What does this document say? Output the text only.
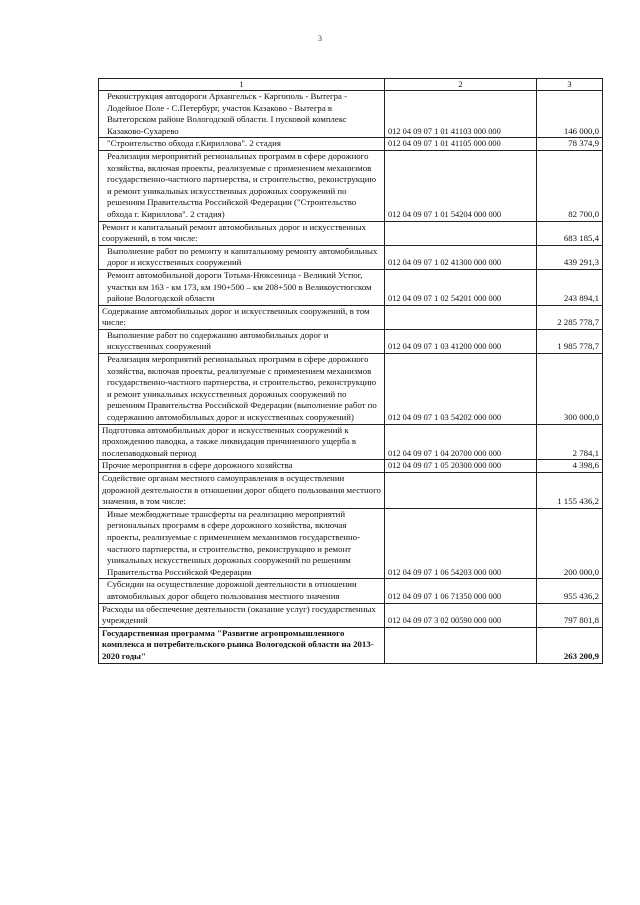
3
1	2	3
Реконструкция автодороги Архангельск - Каргополь - Вытегра - Лодейное Поле - С.Петербург, участок Казаково - Вытегра в Вытегорском районе Вологодской области. I пусковой комплекс Казаково-Сухарево	012 04 09 07 1 01 41103 000 000	146 000,0
"Строительство обхода г.Кириллова". 2 стадия	012 04 09 07 1 01 41105 000 000	78 374,9
Реализация мероприятий региональных программ в сфере дорожного хозяйства, включая проекты, реализуемые с применением механизмов государственно-частного партнерства, и строительство, реконструкцию и ремонт уникальных искусственных дорожных сооружений по решениям Правительства Российской Федерации ("Строительство обхода г. Кириллова". 2 стадия)	012 04 09 07 1 01 54204 000 000	82 700,0
Ремонт и капитальный ремонт автомобильных дорог и искусственных сооружений, в том числе:		683 185,4
Выполнение работ по ремонту и капитальному ремонту автомобильных дорог и искусственных сооружений	012 04 09 07 1 02 41300 000 000	439 291,3
Ремонт автомобильной дороги Тотьма-Нюксеница - Великий Устюг, участки км 163 - км 173, км 190+500 – км 208+500 в Великоустюгском районе Вологодской области	012 04 09 07 1 02 54201 000 000	243 894,1
Содержание автомобильных дорог и искусственных сооружений, в том числе:		2 285 778,7
Выполнение работ по содержанию автомобильных дорог и искусственных сооружений	012 04 09 07 1 03 41200 000 000	1 985 778,7
Реализация мероприятий региональных программ в сфере дорожного хозяйства, включая проекты, реализуемые с применением механизмов государственно-частного партнерства, и строительство, реконструкцию и ремонт уникальных искусственных дорожных сооружений по решениям Правительства Российской Федерации (выполнение работ по содержанию автомобильных дорог и искусственных сооружений)	012 04 09 07 1 03 54202 000 000	300 000,0
Подготовка автомобильных дорог и искусственных сооружений к прохождению паводка, а также ликвидация причиненного ущерба в послепаводковый период	012 04 09 07 1 04 20700 000 000	2 784,1
Прочие мероприятия в сфере дорожного хозяйства	012 04 09 07 1 05 20300 000 000	4 398,6
Содействие органам местного самоуправления в осуществлении дорожной деятельности в отношении дорог общего пользования местного значения, в том числе:		1 155 436,2
Иные межбюджетные трансферты на реализацию мероприятий региональных программ в сфере дорожного хозяйства, включая проекты, реализуемые с применением механизмов государственно-частного партнерства, и строительство, реконструкцию и ремонт уникальных искусственных дорожных сооружений по решениям Правительства Российской Федерации	012 04 09 07 1 06 54203 000 000	200 000,0
Субсидии на осуществление дорожной деятельности в отношении автомобильных дорог общего пользования местного значения	012 04 09 07 1 06 71350 000 000	955 436,2
Расходы на обеспечение деятельности (оказание услуг) государственных учреждений	012 04 09 07 3 02 00590 000 000	797 801,8
Государственная программа "Развитие агропромышленного комплекса и потребительского рынка Вологодской области на 2013-2020 годы"		263 200,9
